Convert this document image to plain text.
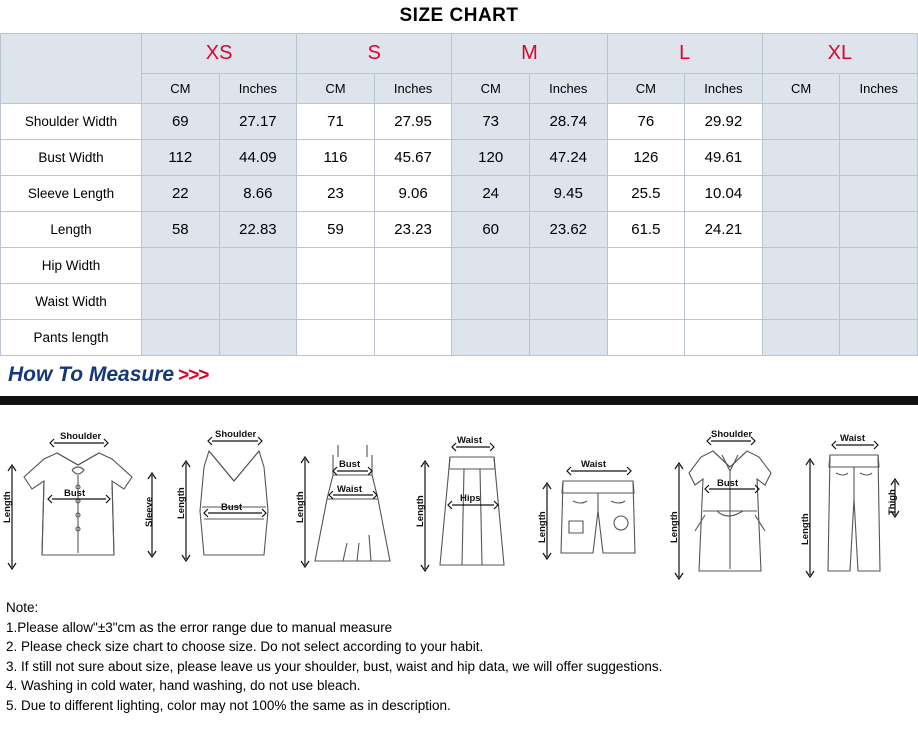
SIZE CHART
	XS		S		M		L		XL	
	CM	Inches	CM	Inches	CM	Inches	CM	Inches	CM	Inches
Shoulder Width	69	27.17	71	27.95	73	28.74	76	29.92		
Bust Width	112	44.09	116	45.67	120	47.24	126	49.61		
Sleeve Length	22	8.66	23	9.06	24	9.45	25.5	10.04		
Length	58	22.83	59	23.23	60	23.62	61.5	24.21		
Hip Width										
Waist Width										
Pants length										
How To Measure >>>
Shoulder
Bust
Length	Sleeve
Shoulder
Bust
Length
Bust
Waist
Length
Waist
Hips
Length
Waist
Length
Shoulder
Bust
Length
Waist
Thigh
Length
Note:
1.Please allow"±3"cm as the error range due to manual measure
2. Please check size chart to choose size. Do not select according to your habit.
3. If still not sure about size, please leave us your shoulder, bust, waist and hip data, we will offer suggestions.
4. Washing in cold water, hand washing, do not use bleach.
5. Due to different lighting, color may not 100% the same as in description.
